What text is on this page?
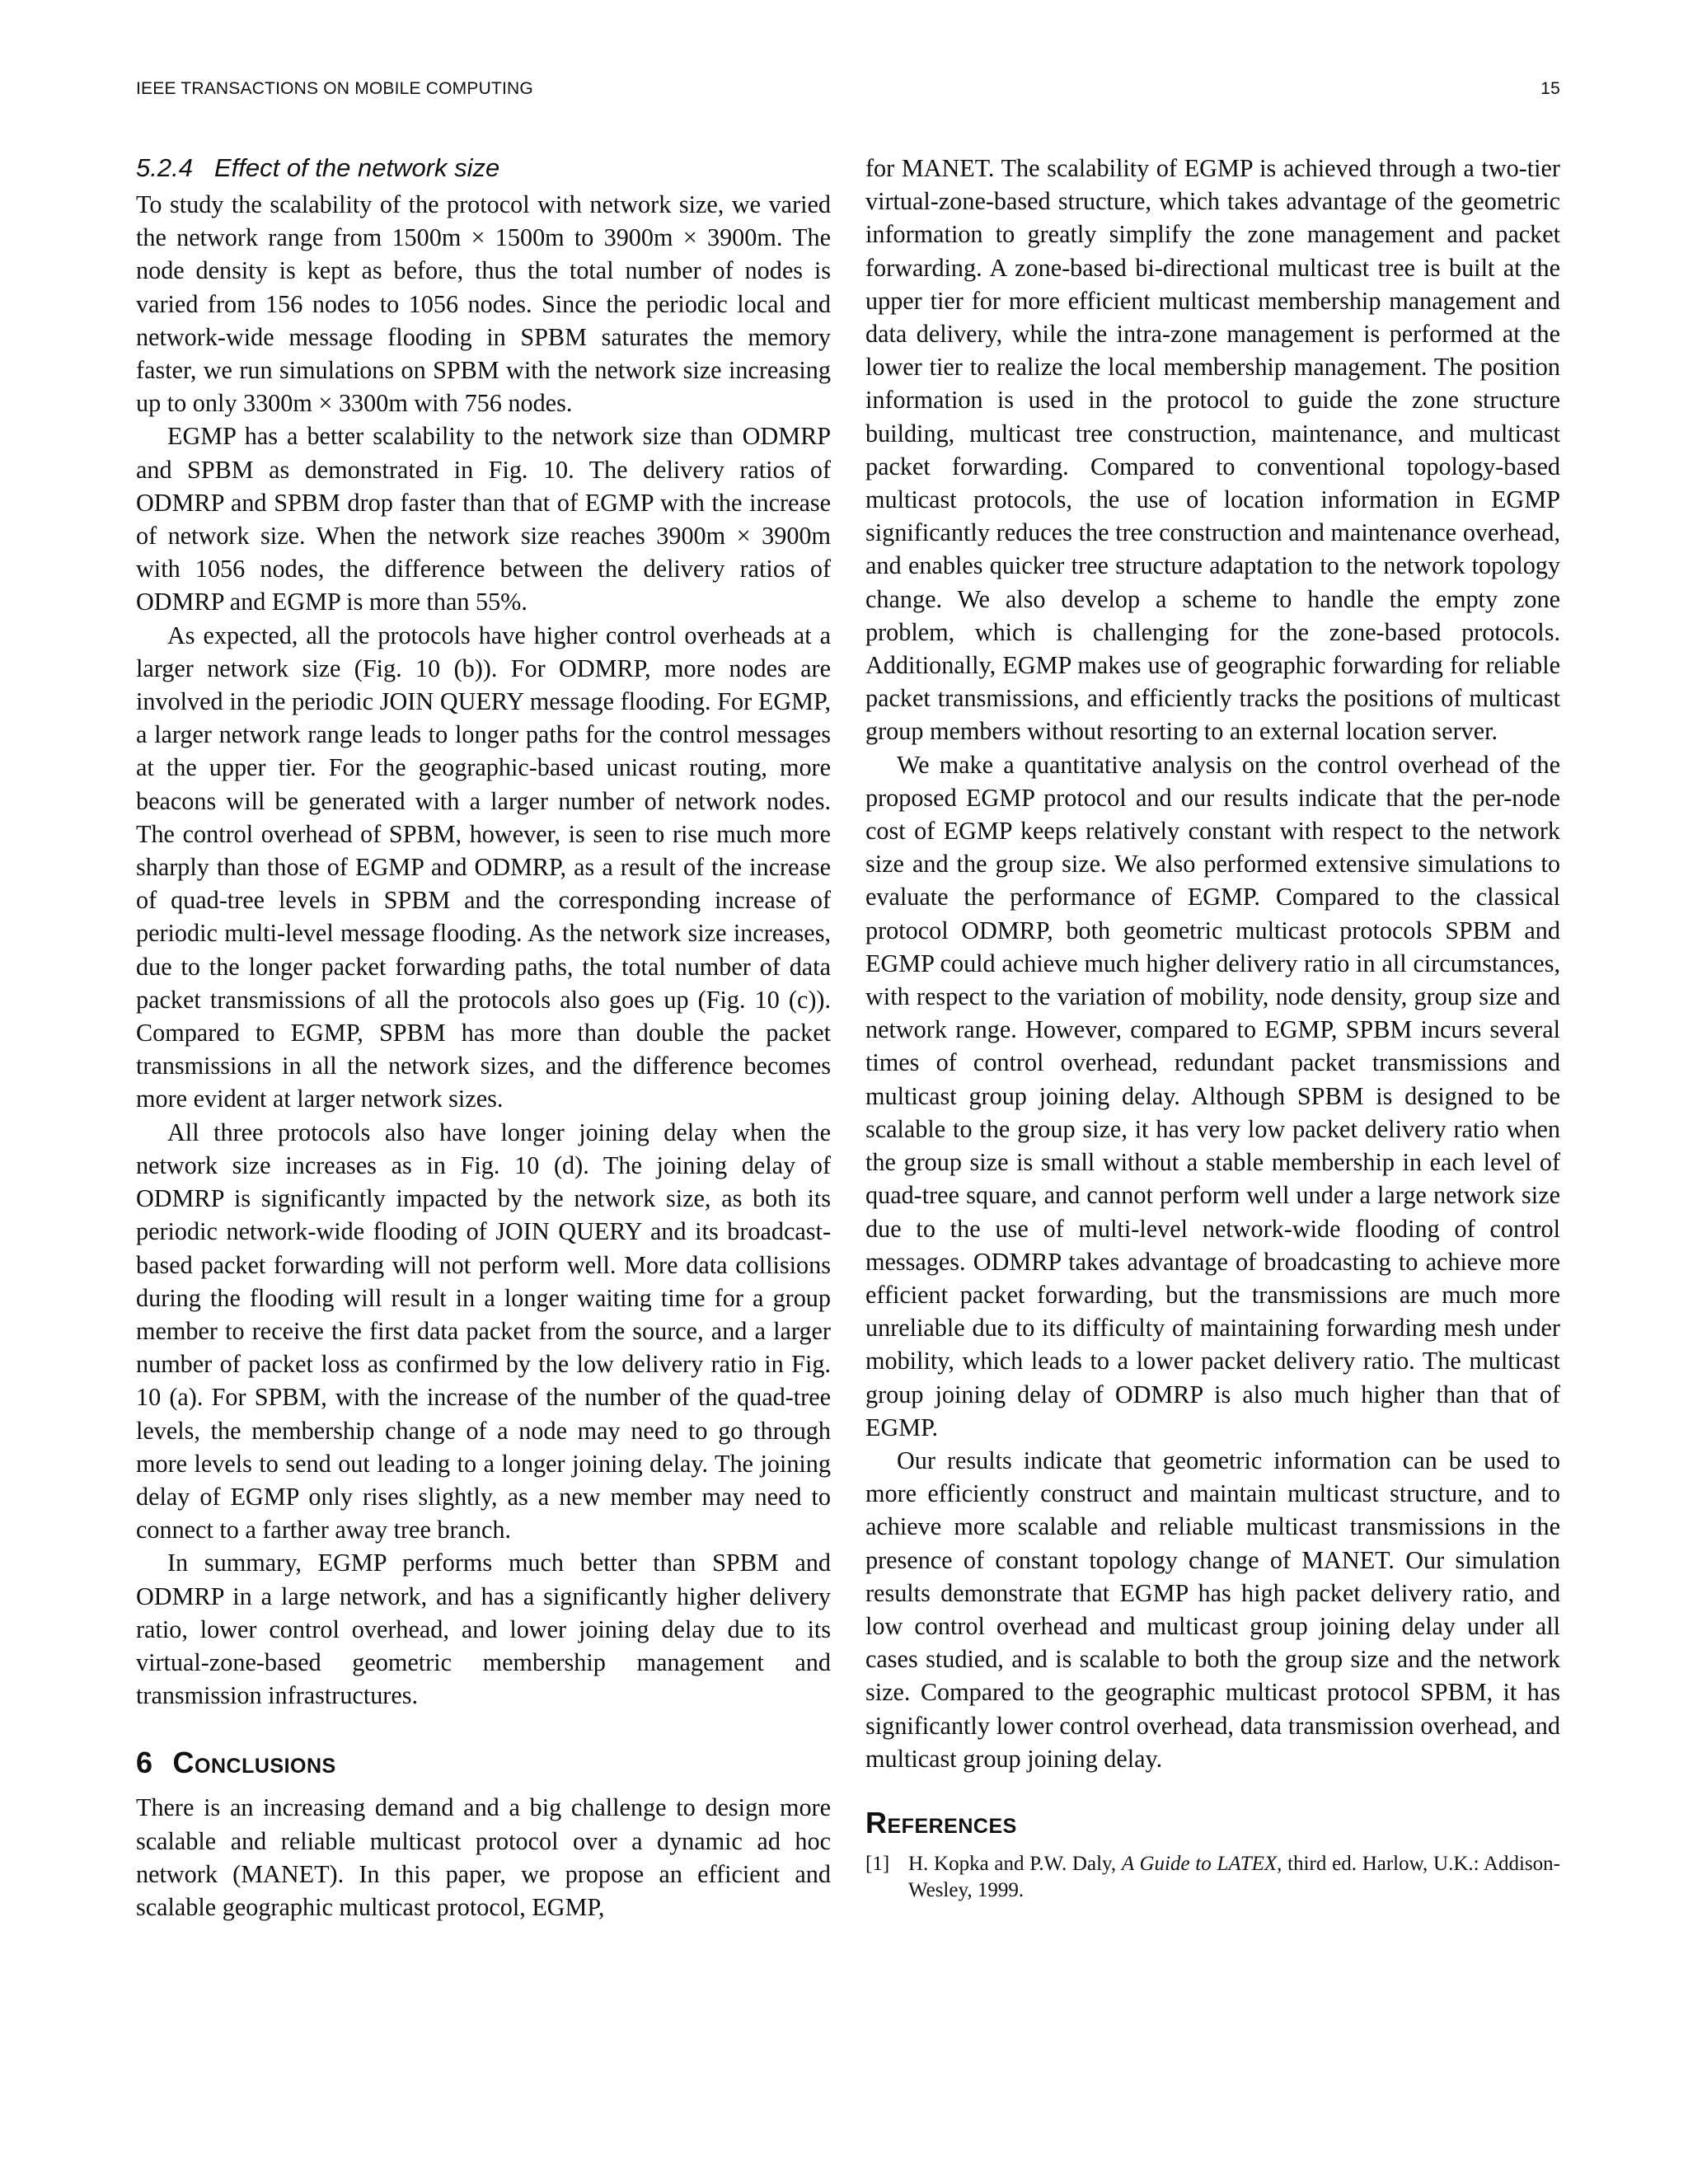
IEEE TRANSACTIONS ON MOBILE COMPUTING	15
5.2.4 Effect of the network size

To study the scalability of the protocol with network size, we varied the network range from 1500m × 1500m to 3900m × 3900m. The node density is kept as before, thus the total number of nodes is varied from 156 nodes to 1056 nodes. Since the periodic local and network-wide message flooding in SPBM saturates the memory faster, we run simulations on SPBM with the network size increasing up to only 3300m × 3300m with 756 nodes.

EGMP has a better scalability to the network size than ODMRP and SPBM as demonstrated in Fig. 10. The delivery ratios of ODMRP and SPBM drop faster than that of EGMP with the increase of network size. When the network size reaches 3900m × 3900m with 1056 nodes, the difference between the delivery ratios of ODMRP and EGMP is more than 55%.

As expected, all the protocols have higher control overheads at a larger network size (Fig. 10 (b)). For ODMRP, more nodes are involved in the periodic JOIN QUERY message flooding. For EGMP, a larger network range leads to longer paths for the control messages at the upper tier. For the geographic-based unicast routing, more beacons will be generated with a larger number of network nodes. The control overhead of SPBM, however, is seen to rise much more sharply than those of EGMP and ODMRP, as a result of the increase of quad-tree levels in SPBM and the corresponding increase of periodic multi-level message flooding. As the network size increases, due to the longer packet forwarding paths, the total number of data packet transmissions of all the protocols also goes up (Fig. 10 (c)). Compared to EGMP, SPBM has more than double the packet transmissions in all the network sizes, and the difference becomes more evident at larger network sizes.

All three protocols also have longer joining delay when the network size increases as in Fig. 10 (d). The joining delay of ODMRP is significantly impacted by the network size, as both its periodic network-wide flooding of JOIN QUERY and its broadcast-based packet forwarding will not perform well. More data collisions during the flooding will result in a longer waiting time for a group member to receive the first data packet from the source, and a larger number of packet loss as confirmed by the low delivery ratio in Fig. 10 (a). For SPBM, with the increase of the number of the quad-tree levels, the membership change of a node may need to go through more levels to send out leading to a longer joining delay. The joining delay of EGMP only rises slightly, as a new member may need to connect to a farther away tree branch.

In summary, EGMP performs much better than SPBM and ODMRP in a large network, and has a significantly higher delivery ratio, lower control overhead, and lower joining delay due to its virtual-zone-based geometric membership management and transmission infrastructures.

6 Conclusions

There is an increasing demand and a big challenge to design more scalable and reliable multicast protocol over a dynamic ad hoc network (MANET). In this paper, we propose an efficient and scalable geographic multicast protocol, EGMP,

for MANET. The scalability of EGMP is achieved through a two-tier virtual-zone-based structure, which takes advantage of the geometric information to greatly simplify the zone management and packet forwarding. A zone-based bi-directional multicast tree is built at the upper tier for more efficient multicast membership management and data delivery, while the intra-zone management is performed at the lower tier to realize the local membership management. The position information is used in the protocol to guide the zone structure building, multicast tree construction, maintenance, and multicast packet forwarding. Compared to conventional topology-based multicast protocols, the use of location information in EGMP significantly reduces the tree construction and maintenance overhead, and enables quicker tree structure adaptation to the network topology change. We also develop a scheme to handle the empty zone problem, which is challenging for the zone-based protocols. Additionally, EGMP makes use of geographic forwarding for reliable packet transmissions, and efficiently tracks the positions of multicast group members without resorting to an external location server.

We make a quantitative analysis on the control overhead of the proposed EGMP protocol and our results indicate that the per-node cost of EGMP keeps relatively constant with respect to the network size and the group size. We also performed extensive simulations to evaluate the performance of EGMP. Compared to the classical protocol ODMRP, both geometric multicast protocols SPBM and EGMP could achieve much higher delivery ratio in all circumstances, with respect to the variation of mobility, node density, group size and network range. However, compared to EGMP, SPBM incurs several times of control overhead, redundant packet transmissions and multicast group joining delay. Although SPBM is designed to be scalable to the group size, it has very low packet delivery ratio when the group size is small without a stable membership in each level of quad-tree square, and cannot perform well under a large network size due to the use of multi-level network-wide flooding of control messages. ODMRP takes advantage of broadcasting to achieve more efficient packet forwarding, but the transmissions are much more unreliable due to its difficulty of maintaining forwarding mesh under mobility, which leads to a lower packet delivery ratio. The multicast group joining delay of ODMRP is also much higher than that of EGMP.

Our results indicate that geometric information can be used to more efficiently construct and maintain multicast structure, and to achieve more scalable and reliable multicast transmissions in the presence of constant topology change of MANET. Our simulation results demonstrate that EGMP has high packet delivery ratio, and low control overhead and multicast group joining delay under all cases studied, and is scalable to both the group size and the network size. Compared to the geographic multicast protocol SPBM, it has significantly lower control overhead, data transmission overhead, and multicast group joining delay.

References
[1] H. Kopka and P.W. Daly, A Guide to LATEX, third ed. Harlow, U.K.: Addison-Wesley, 1999.
